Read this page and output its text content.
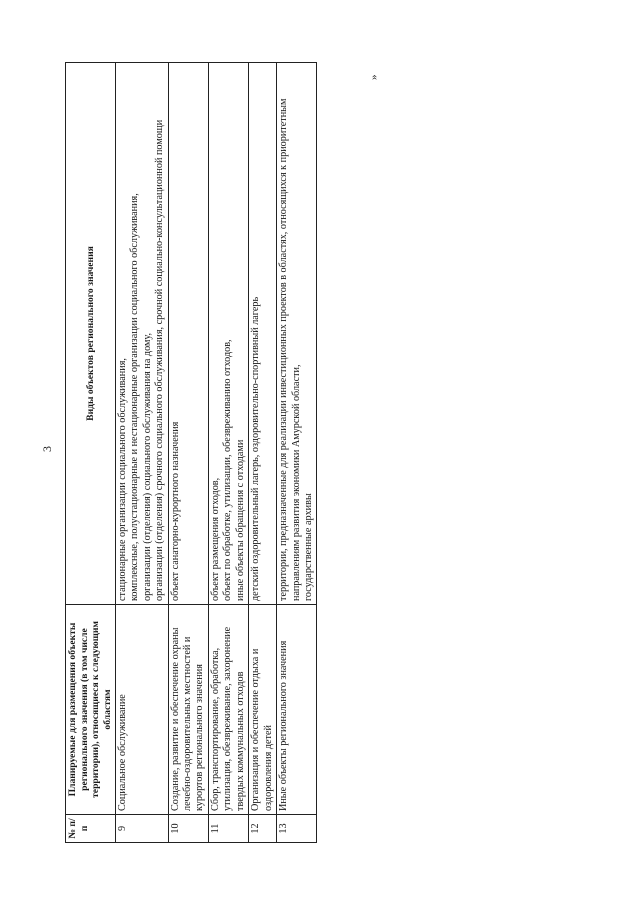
3
»
№ п/п	Планируемые для размещения объекты регионального значения (в том числе территории), относящиеся к следующим областям	Виды объектов регионального значения
9	Социальное обслуживание	стационарные организации социального обслуживания, комплексные, полустационарные и нестационарные организации социального обслуживания, организации (отделения) социального обслуживания на дому, организации (отделения) срочного социального обслуживания, срочной социально-консультационной помощи

10	Создание, развитие и обеспечение охраны лечебно-оздоровительных местностей и курортов регионального значения	объект санаторно-курортного назначения

11	Сбор, транспортирование, обработка, утилизация, обезвреживание, захоронение твердых коммунальных отходов	объект размещения отходов, объект по обработке, утилизации, обезвреживанию отходов, иные объекты обращения с отходами

12	Организация и обеспечение отдыха и оздоровления детей	детский оздоровительный лагерь, оздоровительно-спортивный лагерь

13	Иные объекты регионального значения	территории, предназначенные для реализации инвестиционных проектов в областях, относящихся к приоритетным направлениям развития экономики Амурской области, государственные архивы
